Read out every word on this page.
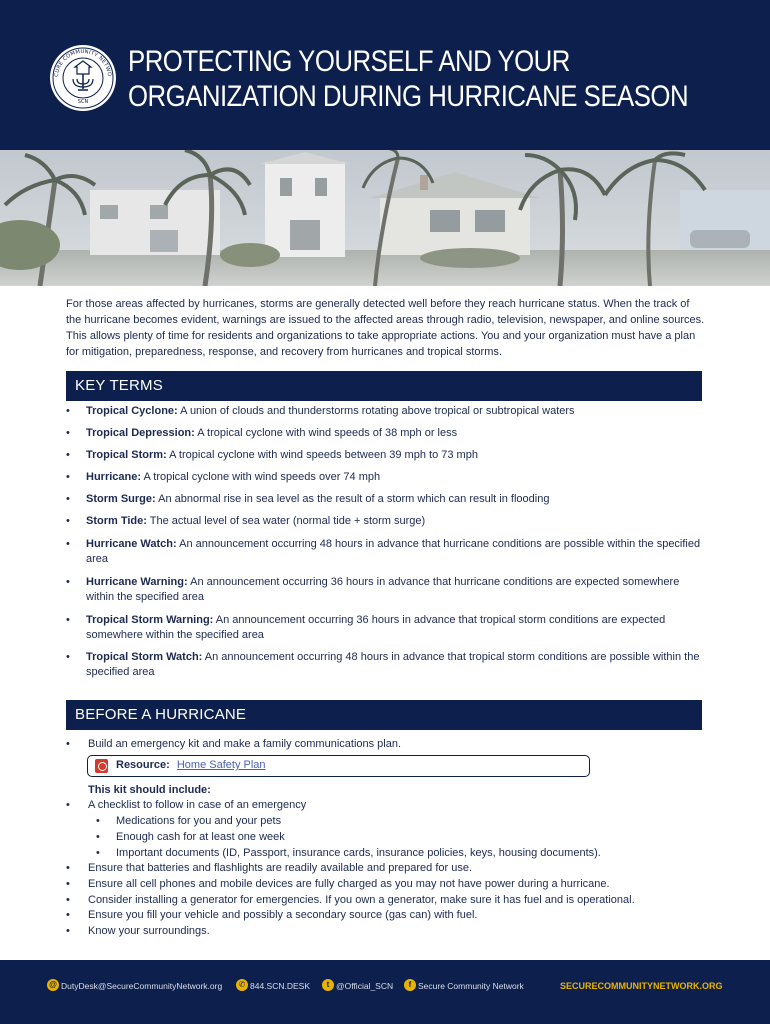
CURE COMMUNITY NETWO
SCN
PROTECTING YOURSELF AND YOUR
ORGANIZATION DURING HURRICANE SEASON

For those areas affected by hurricanes, storms are generally detected well before they reach hurricane status. When the track of the hurricane becomes evident, warnings are issued to the affected areas through radio, television, newspaper, and online sources. This allows plenty of time for residents and organizations to take appropriate actions. You and your organization must have a plan for mitigation, preparedness, response, and recovery from hurricanes and tropical storms.

KEY TERMS
• Tropical Cyclone: A union of clouds and thunderstorms rotating above tropical or subtropical waters
• Tropical Depression: A tropical cyclone with wind speeds of 38 mph or less
• Tropical Storm: A tropical cyclone with wind speeds between 39 mph to 73 mph
• Hurricane: A tropical cyclone with wind speeds over 74 mph
• Storm Surge: An abnormal rise in sea level as the result of a storm which can result in flooding
• Storm Tide: The actual level of sea water (normal tide + storm surge)
• Hurricane Watch: An announcement occurring 48 hours in advance that hurricane conditions are possible within the specified area
• Hurricane Warning: An announcement occurring 36 hours in advance that hurricane conditions are expected somewhere within the specified area
• Tropical Storm Warning: An announcement occurring 36 hours in advance that tropical storm conditions are expected somewhere within the specified area
• Tropical Storm Watch: An announcement occurring 48 hours in advance that tropical storm conditions are possible within the specified area
BEFORE A HURRICANE
• Build an emergency kit and make a family communications plan.
• A checklist to follow in case of an emergency
• Medications for you and your pets
• Enough cash for at least one week
• Important documents (ID, Passport, insurance cards, insurance policies, keys, housing documents).
• Ensure that batteries and flashlights are readily available and prepared for use.
• Ensure all cell phones and mobile devices are fully charged as you may not have power during a hurricane.
• Consider installing a generator for emergencies. If you own a generator, make sure it has fuel and is operational.
• Ensure you fill your vehicle and possibly a secondary source (gas can) with fuel.
• Know your surroundings.
Resource: Home Safety Plan
This kit should include:
@ DutyDesk@SecureCommunityNetwork.org	✆ 844.SCN.DESK	t @Official_SCN	f Secure Community Network	SECURECOMMUNITYNETWORK.ORG
